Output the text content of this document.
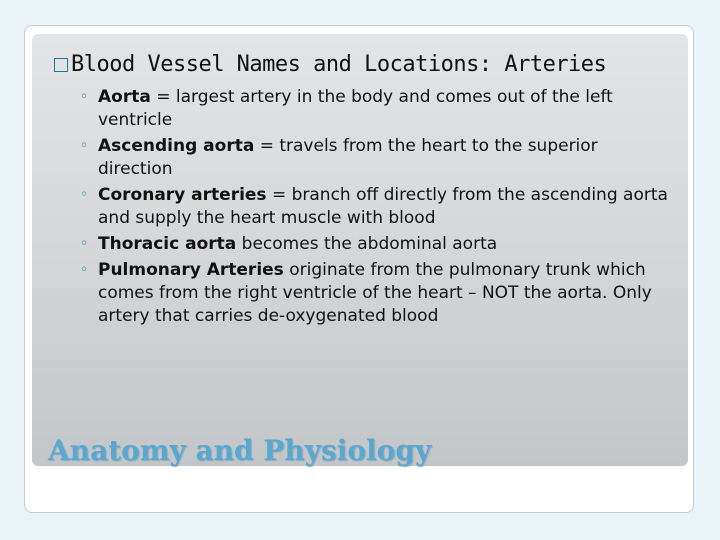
Blood Vessel Names and Locations: Arteries
◦ Aorta = largest artery in the body and comes out of the left ventricle
◦ Ascending aorta = travels from the heart to the superior direction
◦ Coronary arteries = branch off directly from the ascending aorta and supply the heart muscle with blood
◦ Thoracic aorta becomes the abdominal aorta
◦ Pulmonary Arteries originate from the pulmonary trunk which comes from the right ventricle of the heart – NOT the aorta. Only artery that carries de-oxygenated blood
Anatomy and Physiology
